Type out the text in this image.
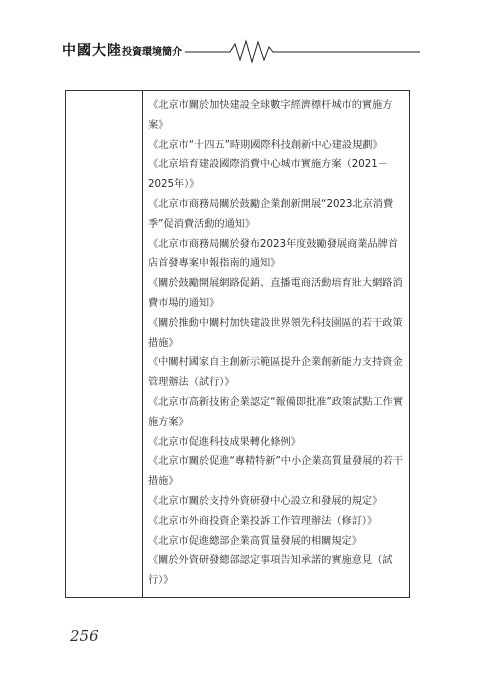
中國大陸投資環境簡介
《北京市關於加快建設全球數字經濟標杆城市的實施方案》
《北京市“十四五”時期國際科技創新中心建設規劃》
《北京培育建設國際消費中心城市實施方案（2021－2025年）》
《北京市商務局關於鼓勵企業創新開展“2023北京消費季”促消費活動的通知》
《北京市商務局關於發布2023年度鼓勵發展商業品牌首店首發專案申報指南的通知》
《關於鼓勵開展網路促銷、直播電商活動培育壯大網路消費市場的通知》
《關於推動中關村加快建設世界領先科技園區的若干政策措施》
《中關村國家自主創新示範區提升企業創新能力支持資金管理辦法（試行）》
《北京市高新技術企業認定“報備即批准”政策試點工作實施方案》
《北京市促進科技成果轉化條例》
《北京市關於促進“專精特新”中小企業高質量發展的若干措施》
《北京市關於支持外資研發中心設立和發展的規定》
《北京市外商投資企業投訴工作管理辦法（修訂）》
《北京市促進總部企業高質量發展的相關規定》
《關於外資研發總部認定事項告知承諾的實施意見（試行）》
256
